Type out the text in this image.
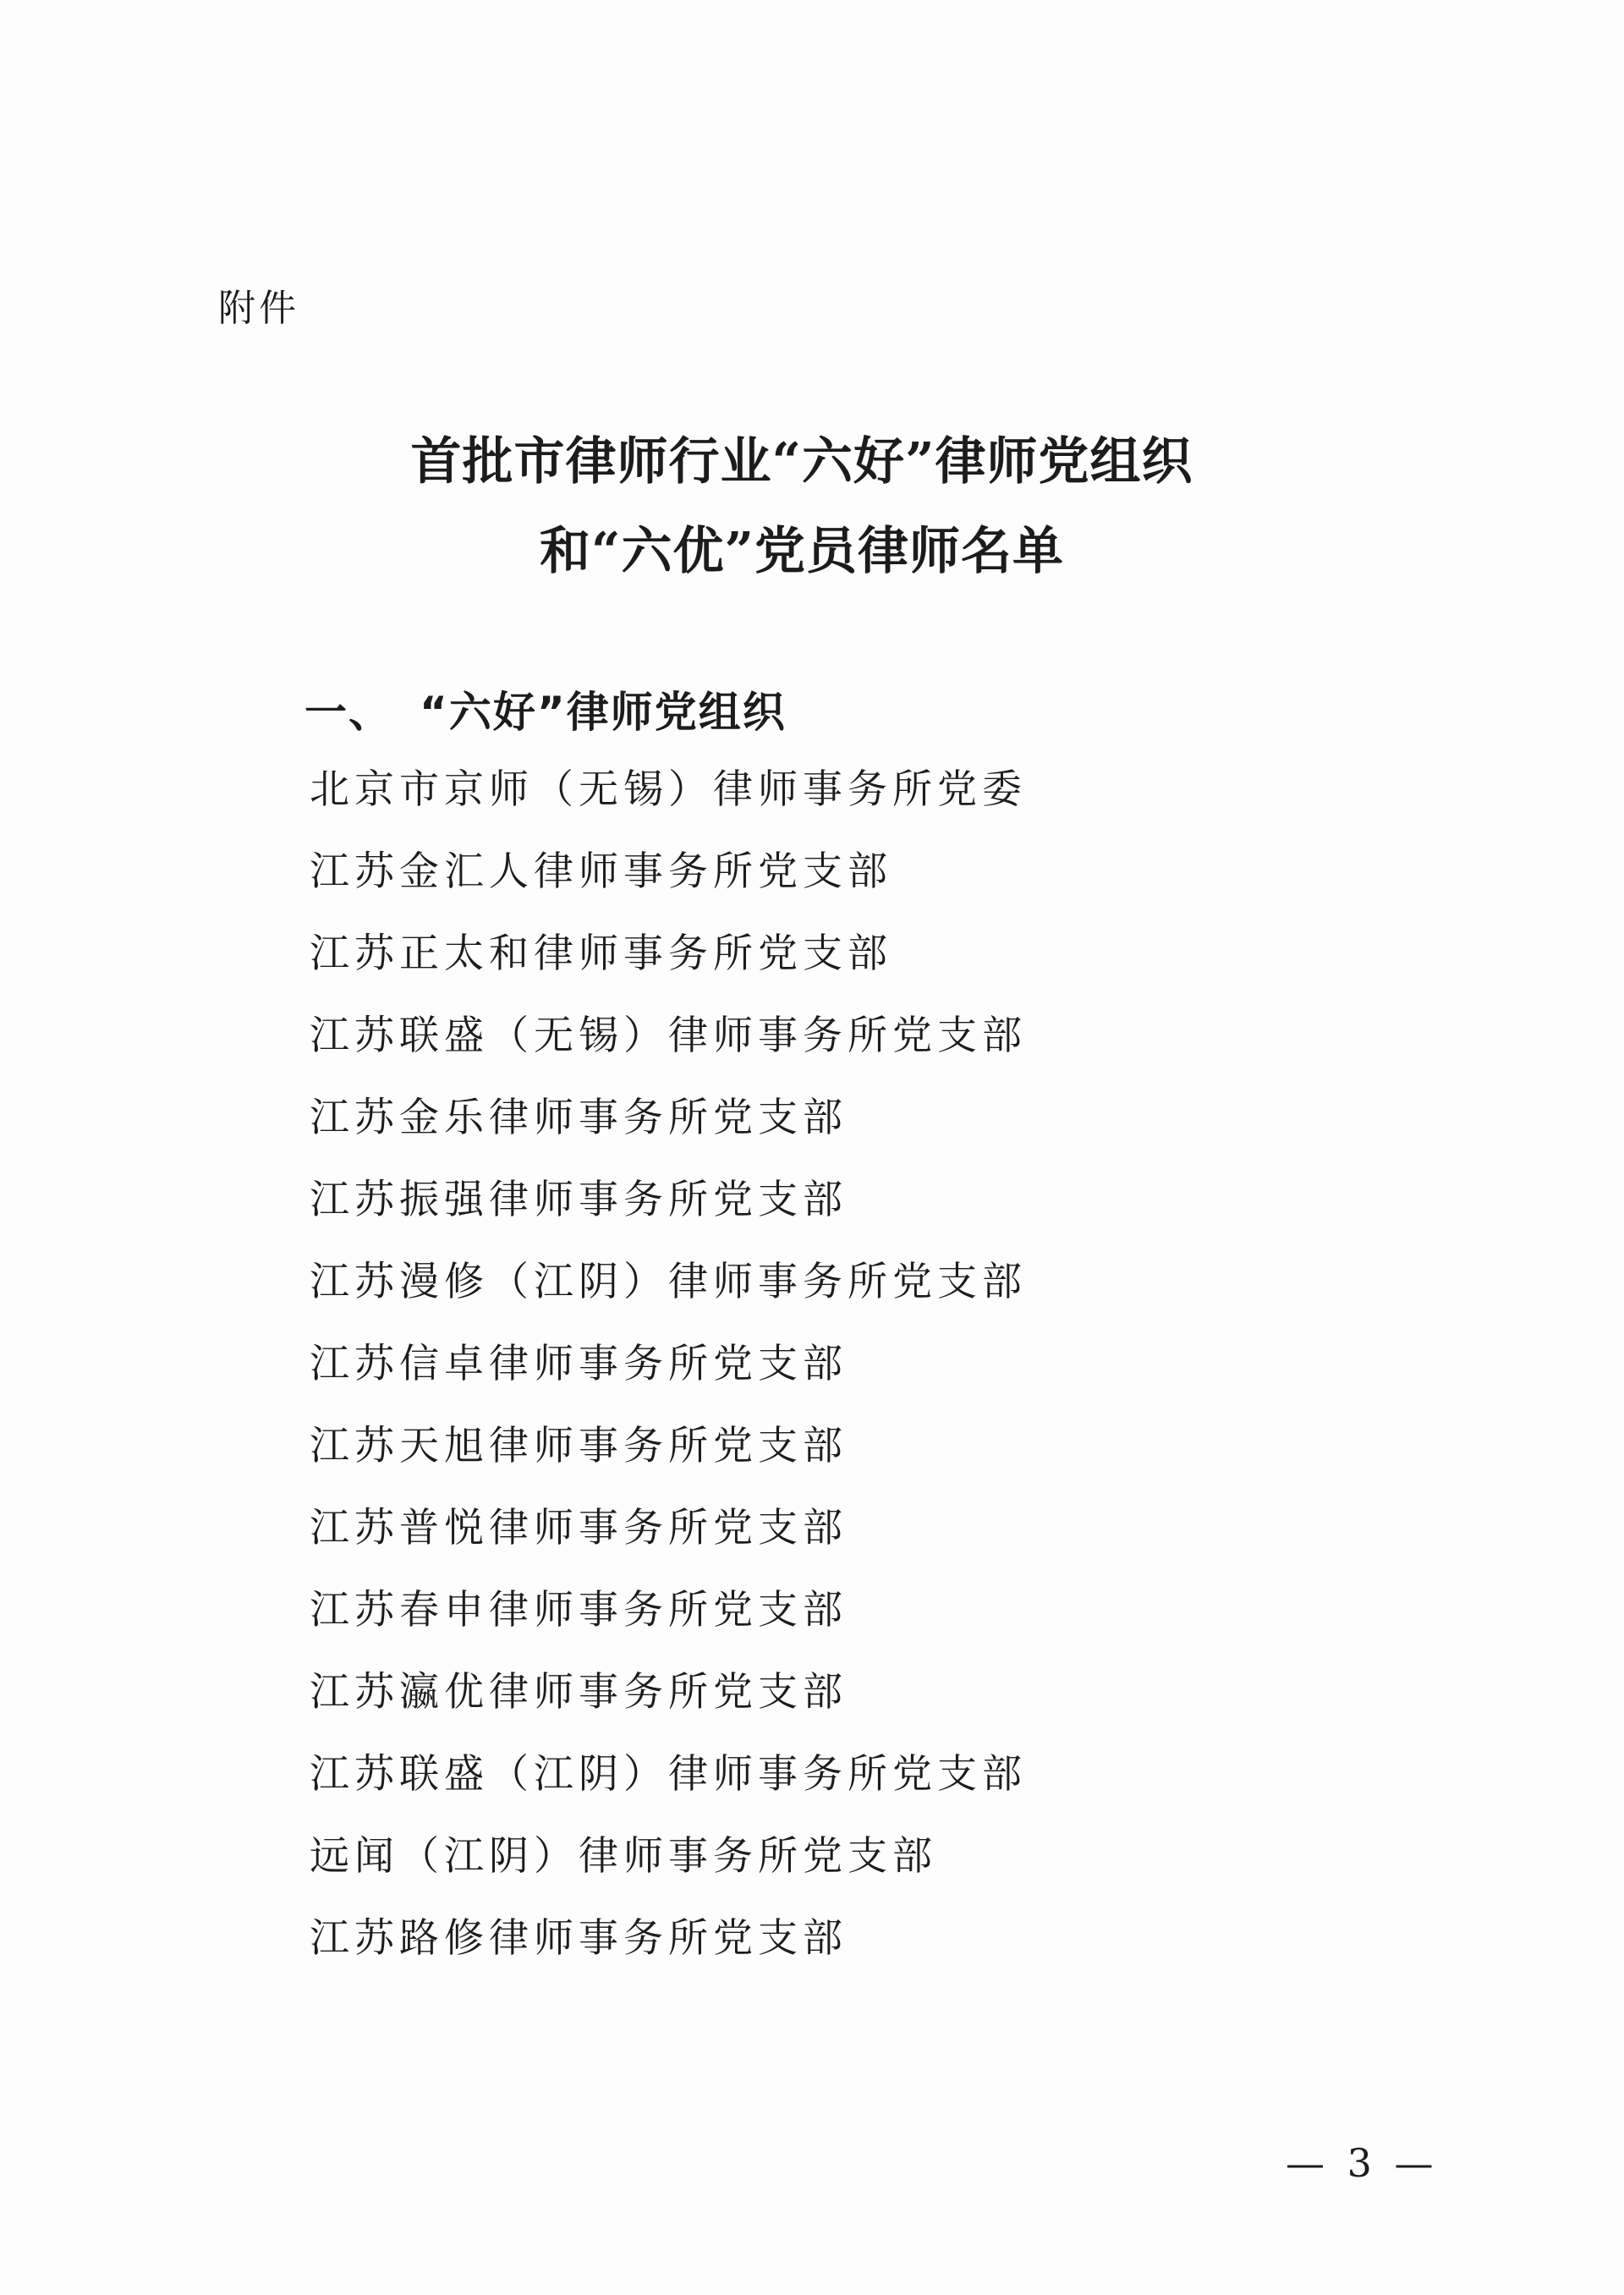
附件
首批市律师行业“六好”律师党组织
和“六优”党员律师名单
一、 “六好”律师党组织
北京市京师（无锡）律师事务所党委
江苏金汇人律师事务所党支部
江苏正太和律师事务所党支部
江苏联盛（无锡）律师事务所党支部
江苏金乐律师事务所党支部
江苏振强律师事务所党支部
江苏漫修（江阴）律师事务所党支部
江苏信卓律师事务所党支部
江苏天旭律师事务所党支部
江苏普悦律师事务所党支部
江苏春申律师事务所党支部
江苏瀛优律师事务所党支部
江苏联盛（江阴）律师事务所党支部
远闻（江阴）律师事务所党支部
江苏路修律师事务所党支部
— 3 —
